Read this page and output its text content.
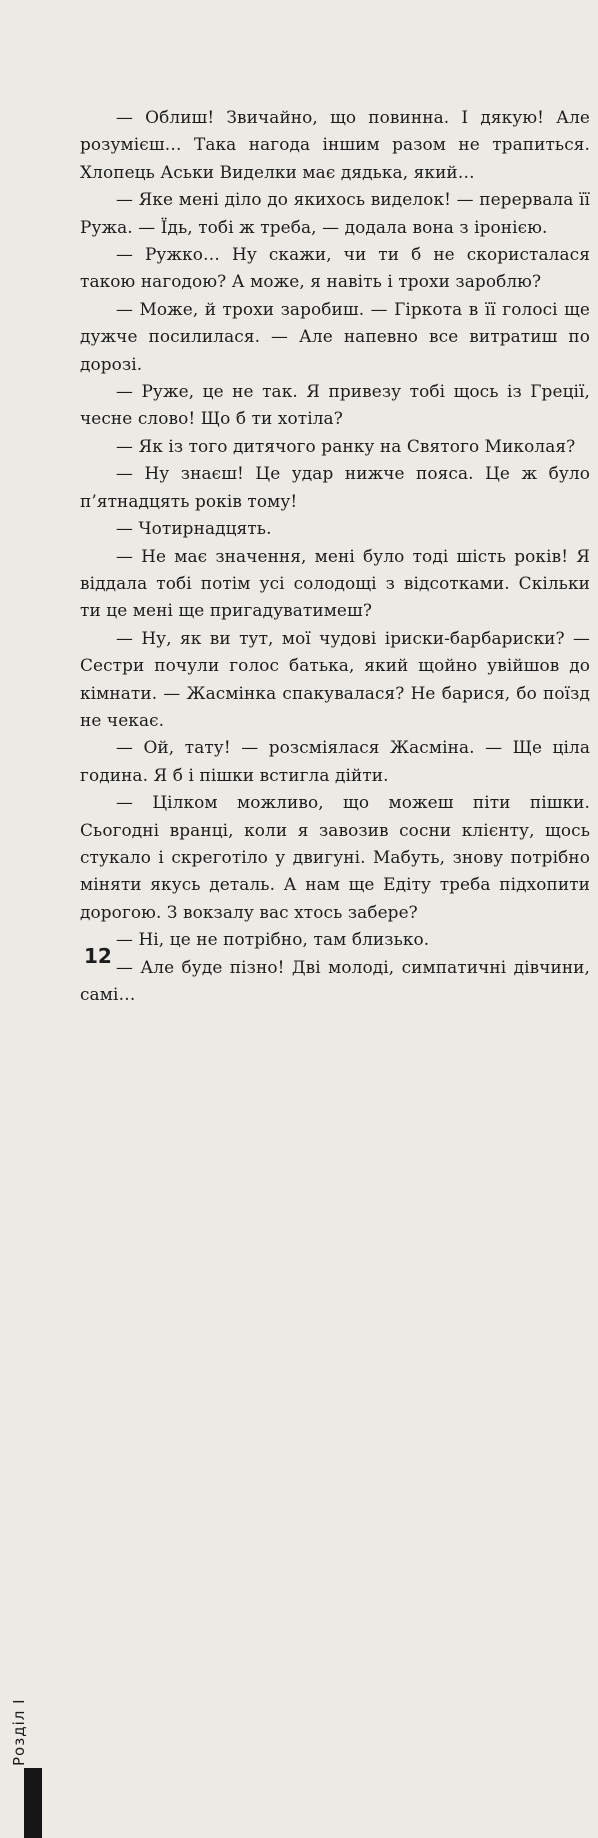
— Облиш! Звичайно, що повинна. І дякую! Але розумієш… Така нагода іншим разом не трапиться. Хлопець Аськи Виделки має дядька, який…

— Яке мені діло до якихось виделок! — перервала її Ружа. — Їдь, тобі ж треба, — додала вона з іронією.

— Ружко… Ну скажи, чи ти б не скористалася такою нагодою? А може, я навіть і трохи зароблю?

— Може, й трохи заробиш. — Гіркота в її голосі ще дужче посилилася. — Але напевно все витратиш по дорозі.

— Руже, це не так. Я привезу тобі щось із Греції, чесне слово! Що б ти хотіла?

— Як із того дитячого ранку на Святого Миколая?

— Ну знаєш! Це удар нижче пояса. Це ж було п’ятнадцять років тому!

— Чотирнадцять.

— Не має значення, мені було тоді шість років! Я віддала тобі потім усі солодощі з відсотками. Скільки ти це мені ще пригадуватимеш?

— Ну, як ви тут, мої чудові іриски-барбариски? — Сестри почули голос батька, який щойно увійшов до кімнати. — Жасмінка спакувалася? Не барися, бо поїзд не чекає.

— Ой, тату! — розсміялася Жасміна. — Ще ціла година. Я б і пішки встигла дійти.

— Цілком можливо, що можеш піти пішки. Сьогодні вранці, коли я завозив сосни клієнту, щось стукало і скреготіло у двигуні. Мабуть, знову потрібно міняти якусь деталь. А нам ще Едіту треба підхопити дорогою. З вокзалу вас хтось забере?

— Ні, це не потрібно, там близько.

— Але буде пізно! Дві молоді, симпатичні дівчини, самі…

Розділ I
12
